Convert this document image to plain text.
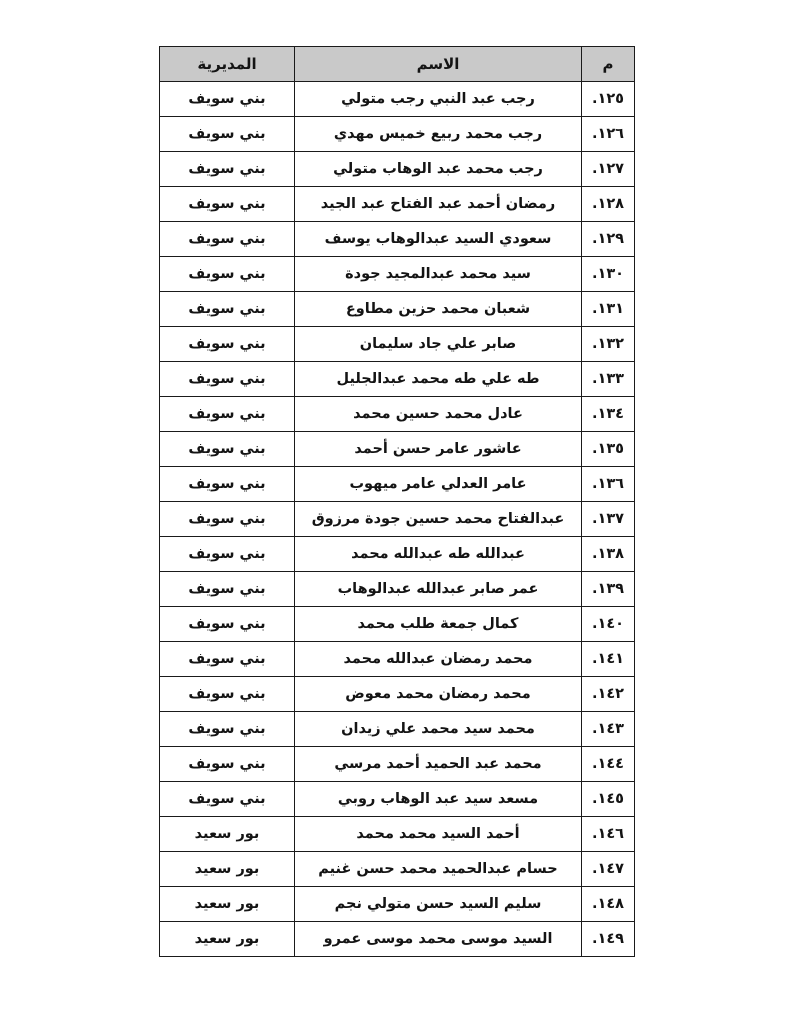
م	الاسم	المديرية
١٢٥.	رجب عبد النبي رجب متولي	بني سويف
١٢٦.	رجب محمد ربيع خميس مهدي	بني سويف
١٢٧.	رجب محمد عبد الوهاب متولي	بني سويف
١٢٨.	رمضان أحمد عبد الفتاح عبد الجيد	بني سويف
١٢٩.	سعودي السيد عبدالوهاب يوسف	بني سويف
١٣٠.	سيد محمد عبدالمجيد جودة	بني سويف
١٣١.	شعبان محمد حزين مطاوع	بني سويف
١٣٢.	صابر علي جاد سليمان	بني سويف
١٣٣.	طه علي طه محمد عبدالجليل	بني سويف
١٣٤.	عادل محمد حسين محمد	بني سويف
١٣٥.	عاشور عامر حسن أحمد	بني سويف
١٣٦.	عامر العدلي عامر ميهوب	بني سويف
١٣٧.	عبدالفتاح محمد حسين جودة مرزوق	بني سويف
١٣٨.	عبدالله طه عبدالله محمد	بني سويف
١٣٩.	عمر صابر عبدالله عبدالوهاب	بني سويف
١٤٠.	كمال جمعة طلب محمد	بني سويف
١٤١.	محمد رمضان عبدالله محمد	بني سويف
١٤٢.	محمد رمضان محمد معوض	بني سويف
١٤٣.	محمد سيد محمد علي زيدان	بني سويف
١٤٤.	محمد عبد الحميد أحمد مرسي	بني سويف
١٤٥.	مسعد سيد عبد الوهاب روبي	بني سويف
١٤٦.	أحمد السيد محمد محمد	بور سعيد
١٤٧.	حسام عبدالحميد محمد حسن غنيم	بور سعيد
١٤٨.	سليم السيد حسن متولي نجم	بور سعيد
١٤٩.	السيد موسى محمد موسى عمرو	بور سعيد
